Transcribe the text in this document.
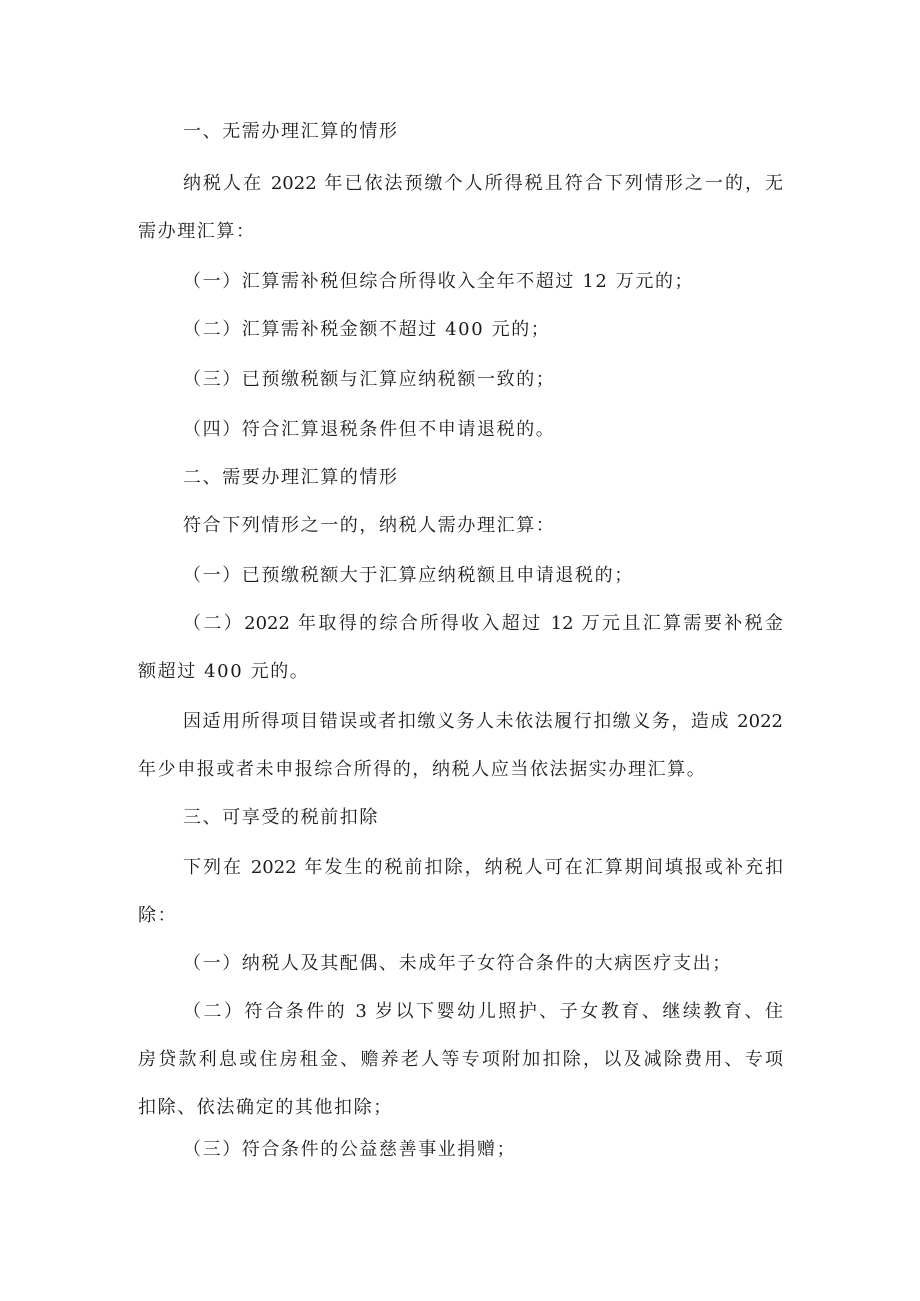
一、无需办理汇算的情形
纳税人在 2022 年已依法预缴个人所得税且符合下列情形之一的，无
需办理汇算：
（一）汇算需补税但综合所得收入全年不超过 12 万元的；
（二）汇算需补税金额不超过 400 元的；
（三）已预缴税额与汇算应纳税额一致的；
（四）符合汇算退税条件但不申请退税的。
二、需要办理汇算的情形
符合下列情形之一的，纳税人需办理汇算：
（一）已预缴税额大于汇算应纳税额且申请退税的；
（二）2022 年取得的综合所得收入超过 12 万元且汇算需要补税金
额超过 400 元的。
因适用所得项目错误或者扣缴义务人未依法履行扣缴义务，造成 2022
年少申报或者未申报综合所得的，纳税人应当依法据实办理汇算。
三、可享受的税前扣除
下列在 2022 年发生的税前扣除，纳税人可在汇算期间填报或补充扣
除：
（一）纳税人及其配偶、未成年子女符合条件的大病医疗支出；
（二）符合条件的 3 岁以下婴幼儿照护、子女教育、继续教育、住
房贷款利息或住房租金、赡养老人等专项附加扣除，以及减除费用、专项
扣除、依法确定的其他扣除；
（三）符合条件的公益慈善事业捐赠；
